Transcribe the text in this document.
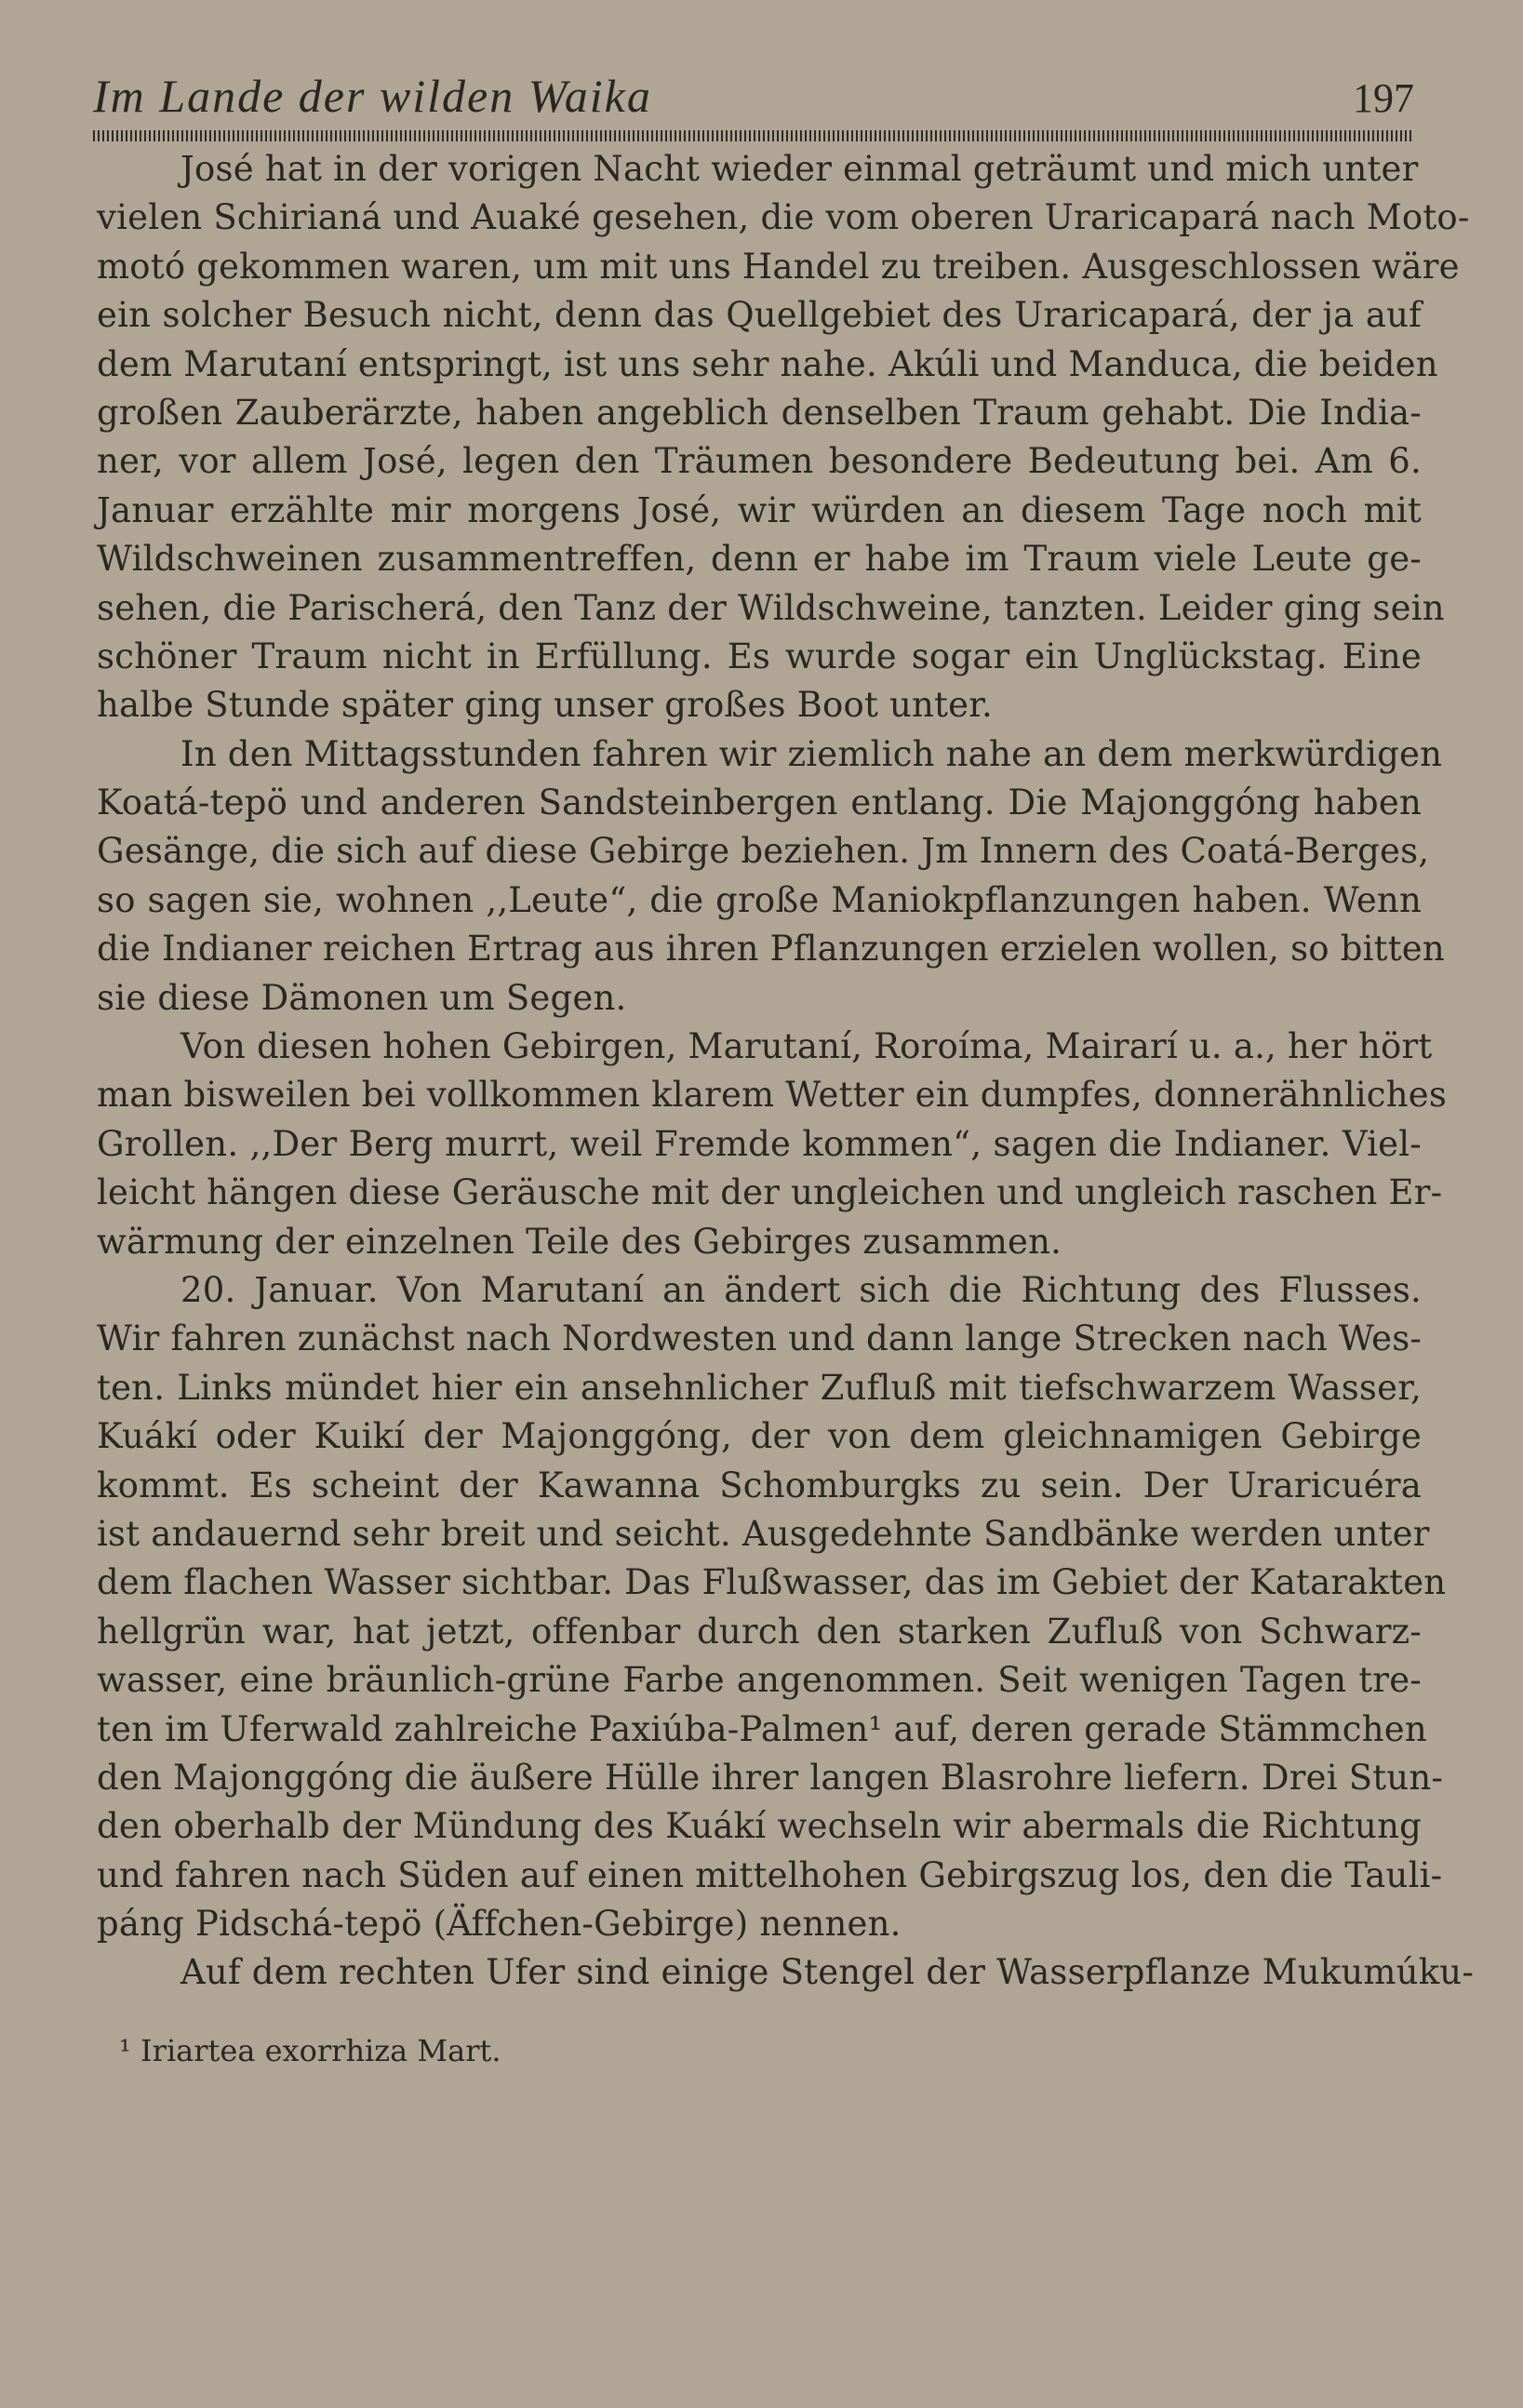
Im Lande der wilden Waika	197
José hat in der vorigen Nacht wieder einmal geträumt und mich unter
vielen Schirianá und Auaké gesehen, die vom oberen Uraricapará nach Moto-
motó gekommen waren, um mit uns Handel zu treiben. Ausgeschlossen wäre
ein solcher Besuch nicht, denn das Quellgebiet des Uraricapará, der ja auf
dem Marutaní entspringt, ist uns sehr nahe. Akúli und Manduca, die beiden
großen Zauberärzte, haben angeblich denselben Traum gehabt. Die India-
ner, vor allem José, legen den Träumen besondere Bedeutung bei. Am 6.
Januar erzählte mir morgens José, wir würden an diesem Tage noch mit
Wildschweinen zusammentreffen, denn er habe im Traum viele Leute ge-
sehen, die Parischerá, den Tanz der Wildschweine, tanzten. Leider ging sein
schöner Traum nicht in Erfüllung. Es wurde sogar ein Unglückstag. Eine
halbe Stunde später ging unser großes Boot unter.
In den Mittagsstunden fahren wir ziemlich nahe an dem merkwürdigen
Koatá-tepö und anderen Sandsteinbergen entlang. Die Majonggóng haben
Gesänge, die sich auf diese Gebirge beziehen. Jm Innern des Coatá-Berges,
so sagen sie, wohnen ,,Leute“, die große Maniokpflanzungen haben. Wenn
die Indianer reichen Ertrag aus ihren Pflanzungen erzielen wollen, so bitten
sie diese Dämonen um Segen.
Von diesen hohen Gebirgen, Marutaní, Roroíma, Mairarí u. a., her hört
man bisweilen bei vollkommen klarem Wetter ein dumpfes, donnerähnliches
Grollen. ,,Der Berg murrt, weil Fremde kommen“, sagen die Indianer. Viel-
leicht hängen diese Geräusche mit der ungleichen und ungleich raschen Er-
wärmung der einzelnen Teile des Gebirges zusammen.
20. Januar. Von Marutaní an ändert sich die Richtung des Flusses.
Wir fahren zunächst nach Nordwesten und dann lange Strecken nach Wes-
ten. Links mündet hier ein ansehnlicher Zufluß mit tiefschwarzem Wasser,
Kuákí oder Kuikí der Majonggóng, der von dem gleichnamigen Gebirge
kommt. Es scheint der Kawanna Schomburgks zu sein. Der Uraricuéra
ist andauernd sehr breit und seicht. Ausgedehnte Sandbänke werden unter
dem flachen Wasser sichtbar. Das Flußwasser, das im Gebiet der Katarakten
hellgrün war, hat jetzt, offenbar durch den starken Zufluß von Schwarz-
wasser, eine bräunlich-grüne Farbe angenommen. Seit wenigen Tagen tre-
ten im Uferwald zahlreiche Paxiúba-Palmen¹ auf, deren gerade Stämmchen
den Majonggóng die äußere Hülle ihrer langen Blasrohre liefern. Drei Stun-
den oberhalb der Mündung des Kuákí wechseln wir abermals die Richtung
und fahren nach Süden auf einen mittelhohen Gebirgszug los, den die Tauli-
páng Pidschá-tepö (Äffchen-Gebirge) nennen.
Auf dem rechten Ufer sind einige Stengel der Wasserpflanze Mukumúku-
¹ Iriartea exorrhiza Mart.
